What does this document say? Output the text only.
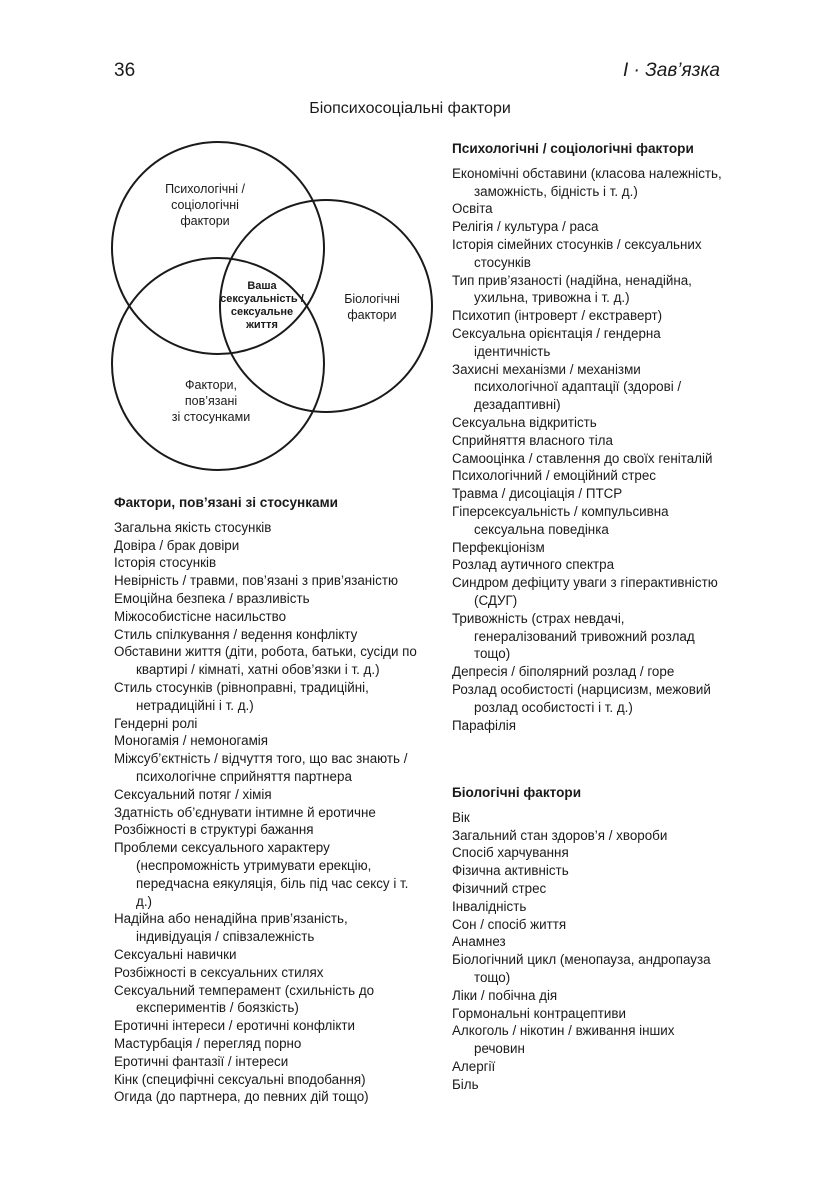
36	І · Зав’язка
Біопсихосоціальні фактори
Психологічні /
соціологічні
фактори
Біологічні
фактори
Фактори,
пов’язані
зі стосунками
Ваша
сексуальність /
сексуальне
життя
Фактори, пов’язані зі стосунками
Загальна якість стосунків
Довіра / брак довіри
Історія стосунків
Невірність / травми, пов’язані з прив’язаністю
Емоційна безпека / вразливість
Міжособистісне насильство
Стиль спілкування / ведення конфлікту
Обставини життя (діти, робота, батьки, сусіди по квартирі / кімнаті, хатні обов’язки і т. д.)
Стиль стосунків (рівноправні, традиційні, нетрадиційні і т. д.)
Гендерні ролі
Моногамія / немоногамія
Міжсуб’єктність / відчуття того, що вас знають / психологічне сприйняття партнера
Сексуальний потяг / хімія
Здатність об’єднувати інтимне й еротичне
Розбіжності в структурі бажання
Проблеми сексуального характеру (неспроможність утримувати ерекцію, передчасна еякуляція, біль під час сексу і т. д.)
Надійна або ненадійна прив’язаність, індивідуація / співзалежність
Сексуальні навички
Розбіжності в сексуальних стилях
Сексуальний темперамент (схильність до експериментів / боязкість)
Еротичні інтереси / еротичні конфлікти
Мастурбація / перегляд порно
Еротичні фантазії / інтереси
Кінк (специфічні сексуальні вподобання)
Огида (до партнера, до певних дій тощо)
Психологічні / соціологічні фактори
Економічні обставини (класова належність, заможність, бідність і т. д.)
Освіта
Релігія / культура / раса
Історія сімейних стосунків / сексуальних стосунків
Тип прив’язаності (надійна, ненадійна, ухильна, тривожна і т. д.)
Психотип (інтроверт / екстраверт)
Сексуальна орієнтація / гендерна ідентичність
Захисні механізми / механізми психологічної адаптації (здорові / дезадаптивні)
Сексуальна відкритість
Сприйняття власного тіла
Самооцінка / ставлення до своїх геніталій
Психологічний / емоційний стрес
Травма / дисоціація / ПТСР
Гіперсексуальність / компульсивна сексуальна поведінка
Перфекціонізм
Розлад аутичного спектра
Синдром дефіциту уваги з гіперактивністю (СДУГ)
Тривожність (страх невдачі, генералізований тривожний розлад тощо)
Депресія / біполярний розлад / горе
Розлад особистості (нарцисизм, межовий розлад особистості і т. д.)
Парафілія
Біологічні фактори
Вік
Загальний стан здоров’я / хвороби
Спосіб харчування
Фізична активність
Фізичний стрес
Інвалідність
Сон / спосіб життя
Анамнез
Біологічний цикл (менопауза, андропауза тощо)
Ліки / побічна дія
Гормональні контрацептиви
Алкоголь / нікотин / вживання інших речовин
Алергії
Біль
